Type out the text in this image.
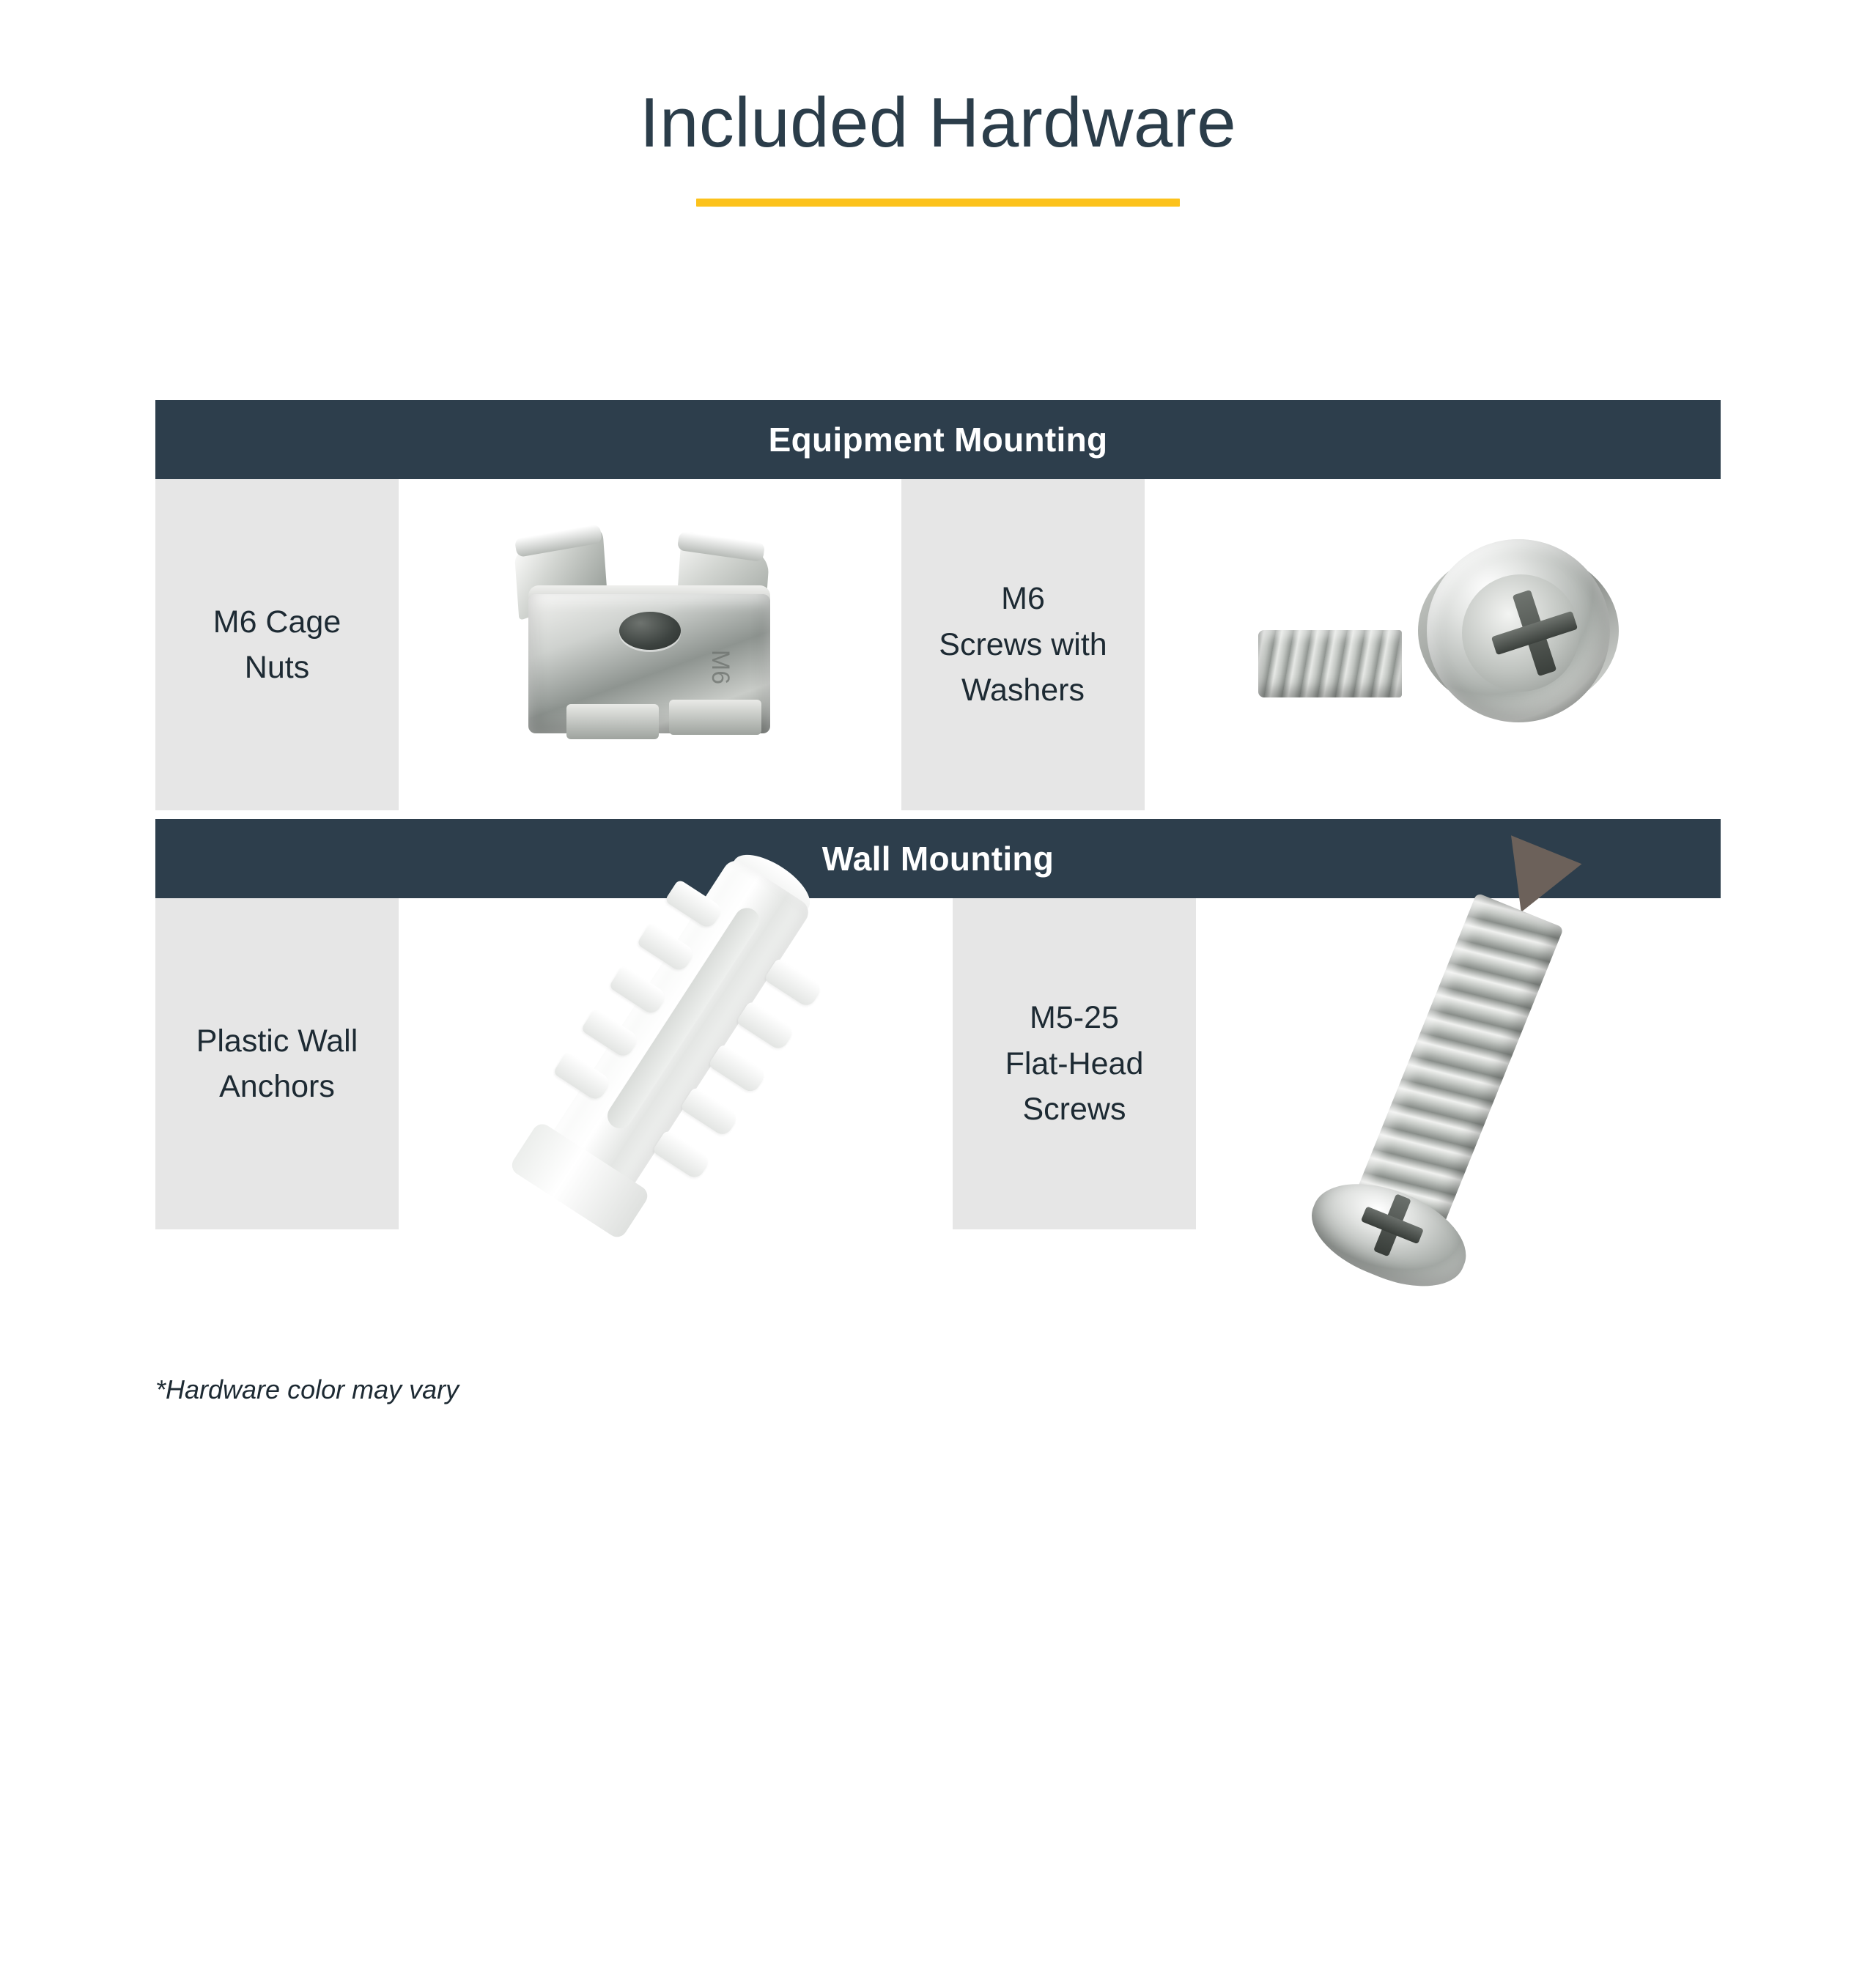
Included Hardware
Equipment Mounting
M6 Cage
Nuts	M6
M6
Screws with
Washers
Wall Mounting
Plastic Wall
Anchors
M5-25
Flat-Head
Screws
*Hardware color may vary
